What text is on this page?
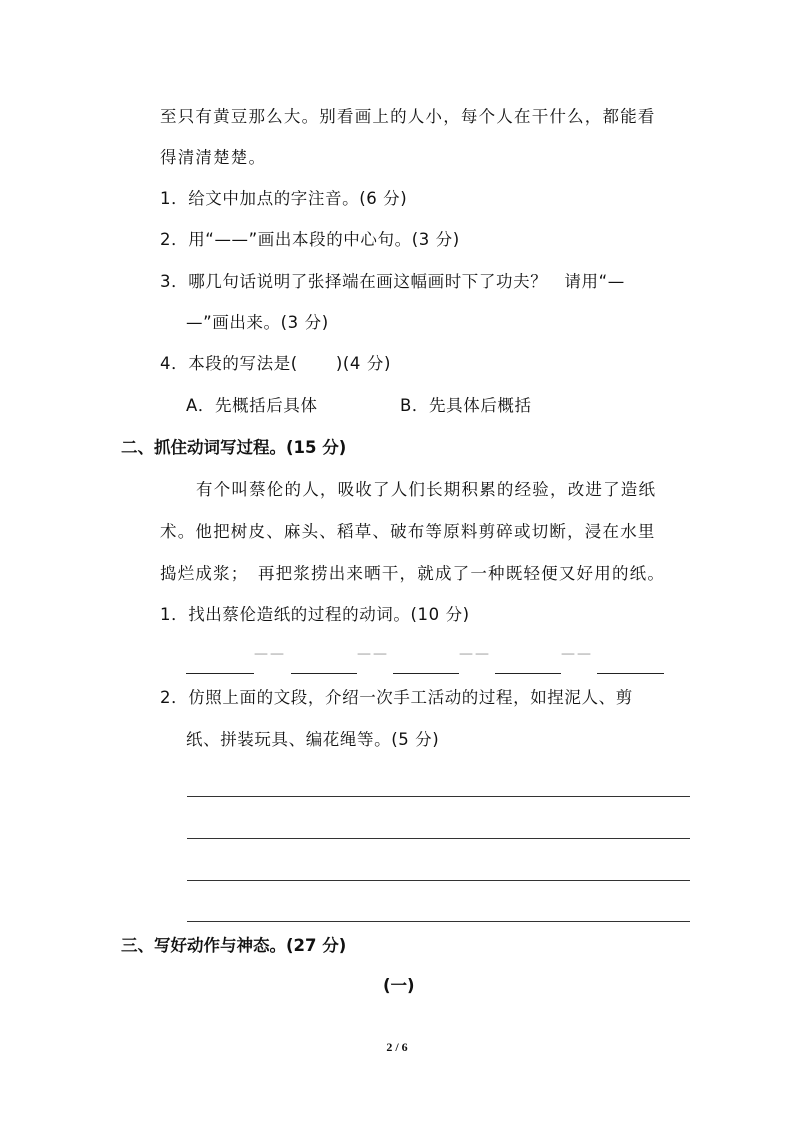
至只有黄豆那么大。别看画上的人小，每个人在干什么，都能看
得清清楚楚。
1．给文中加点的字注音。(6 分)
2．用“——”画出本段的中心句。(3 分)
3．哪几句话说明了张择端在画这幅画时下了功夫？　请用“—
—”画出来。(3 分)
4．本段的写法是( )(4 分)
A．先概括后具体	B．先具体后概括
二、抓住动词写过程。(15 分)
有个叫蔡伦的人，吸收了人们长期积累的经验，改进了造纸
术。他把树皮、麻头、稻草、破布等原料剪碎或切断，浸在水里
捣烂成浆；　再把浆捞出来晒干，就成了一种既轻便又好用的纸。
1．找出蔡伦造纸的过程的动词。(10 分)
——	——	——	——
2．仿照上面的文段，介绍一次手工活动的过程，如捏泥人、剪
纸、拼装玩具、编花绳等。(5 分)
三、写好动作与神态。(27 分)
(一)
2 / 6
